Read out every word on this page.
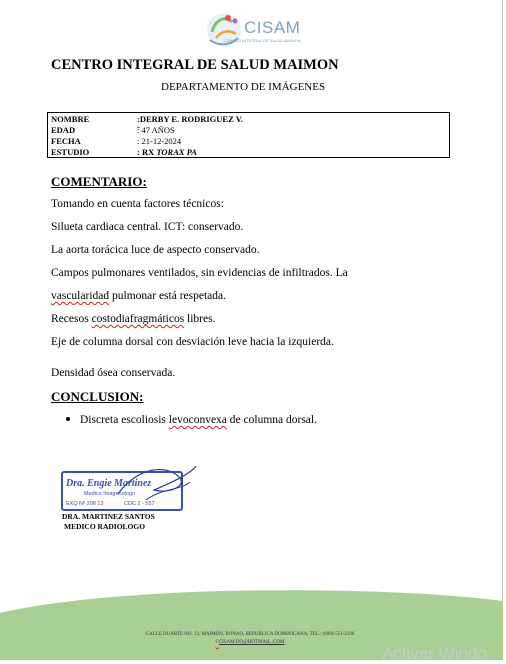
CISAM
CENTRO INTEGRAL DE SALUD MAIMON
CENTRO INTEGRAL DE SALUD MAIMON
DEPARTAMENTO DE IMÁGENES
NOMBRE	:DERBY E. RODRIGUEZ V.
EDAD	: 47 AÑOS
FECHA	: 21-12-2024
ESTUDIO	: RX TORAX PA
COMENTARIO:
Tomando en cuenta factores técnicos:
Silueta cardiaca central. ICT: conservado.
La aorta torácica luce de aspecto conservado.
Campos pulmonares ventilados, sin evidencias de infiltrados. La
vascularidad pulmonar está respetada.
Recesos costodiafragmáticos libres.
Eje de columna dorsal con desviación leve hacia la izquierda.
Densidad ósea conservada.
CONCLUSION:
Discreta escoliosis levoconvexa de columna dorsal.
Dra. Engie Martinez
Medico Imagenologo
EXQ Nº 208 13	CDC 2 - 557
DRA. MARTINEZ SANTOS
MEDICO RADIOLOGO
CALLE DUARTE NO. 13, MAIMÓN, BONAO, REPUBLICA DOMINICANA, TEL.: (809)-551-2196
CCISAM.DO@HOTMAIL .COM
Activar Windo
